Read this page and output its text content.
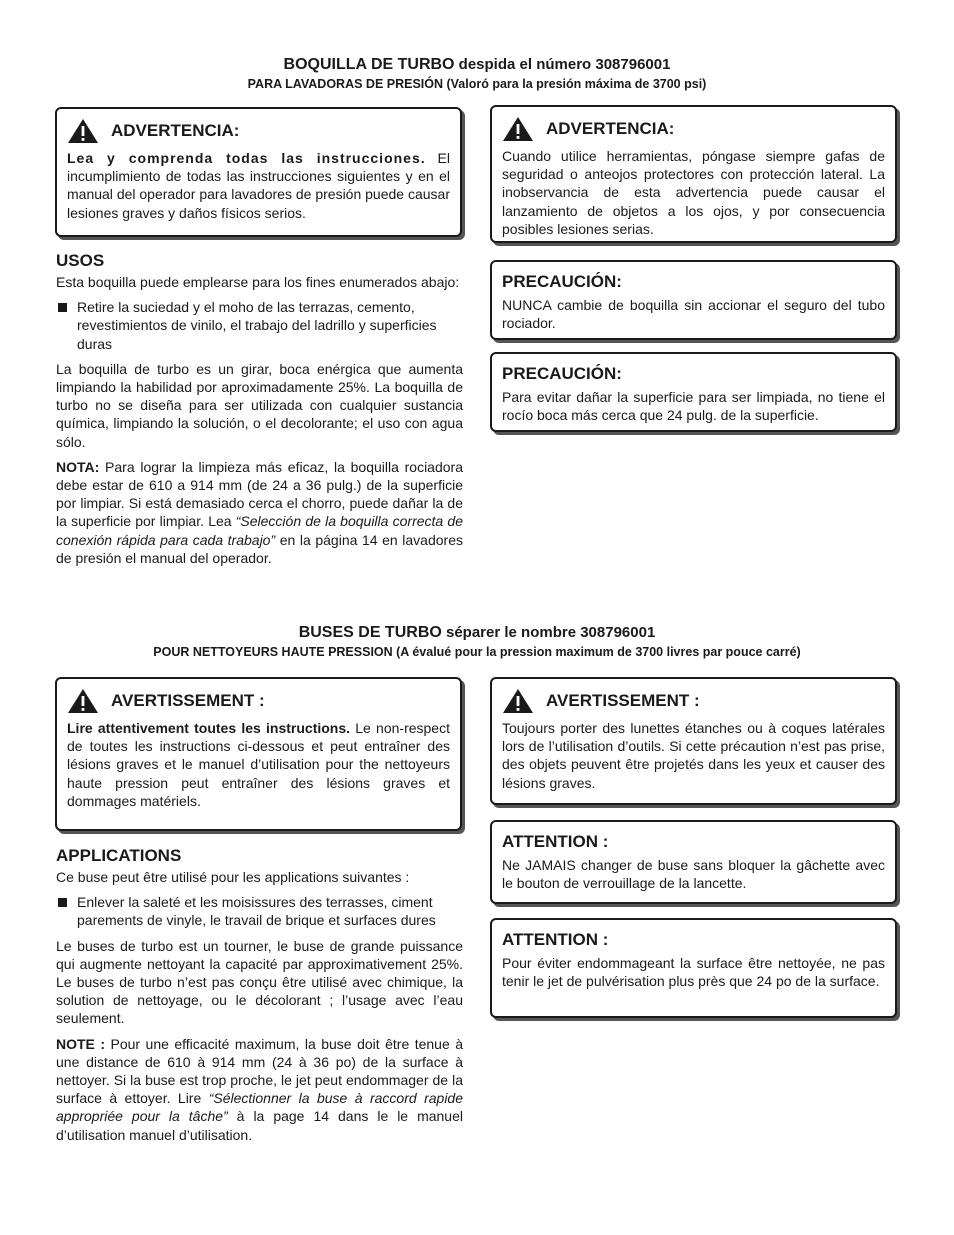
BOQUILLA DE TURBO despida el número 308796001
PARA LAVADORAS DE PRESIÓN (Valoró para la presión máxima de 3700 psi)
ADVERTENCIA:

Lea y comprenda todas las instrucciones. El incumplimiento de todas las instrucciones siguientes y en el manual del operador para lavadores de presión puede causar lesiones graves y daños físicos serios.

USOS

Esta boquilla puede emplearse para los fines enumerados abajo:

Retire la suciedad y el moho de las terrazas, cemento, revestimientos de vinilo, el trabajo del ladrillo y superficies duras

La boquilla de turbo es un girar, boca enérgica que aumenta limpiando la habilidad por aproximadamente 25%. La boquilla de turbo no se diseña para ser utilizada con cualquier sustancia química, limpiando la solución, o el decolorante; el uso con agua sólo.

NOTA: Para lograr la limpieza más eficaz, la boquilla rociadora debe estar de 610 a 914 mm (de 24 a 36 pulg.) de la superficie por limpiar. Si está demasiado cerca el chorro, puede dañar la de la superficie por limpiar. Lea “Selección de la boquilla correcta de conexión rápida para cada trabajo” en la página 14 en lavadores de presión el manual del operador.

ADVERTENCIA:

Cuando utilice herramientas, póngase siempre gafas de seguridad o anteojos protectores con protección lateral. La inobservancia de esta advertencia puede causar el lanzamiento de objetos a los ojos, y por consecuencia posibles lesiones serias.

PRECAUCIÓN:

NUNCA cambie de boquilla sin accionar el seguro del tubo rociador.

PRECAUCIÓN:

Para evitar dañar la superficie para ser limpiada, no tiene el rocío boca más cerca que 24 pulg. de la superficie.

BUSES DE TURBO séparer le nombre 308796001
POUR NETTOYEURS HAUTE PRESSION (A évalué pour la pression maximum de 3700 livres par pouce carré)
AVERTISSEMENT :

Lire attentivement toutes les instructions. Le non-respect de toutes les instructions ci-dessous et peut entraîner des lésions graves et le manuel d’utilisation pour the nettoyeurs haute pression peut entraîner des lésions graves et dommages matériels.

APPLICATIONS

Ce buse peut être utilisé pour les applications suivantes :

Enlever la saleté et les moisissures des terrasses, ciment parements de vinyle, le travail de brique et surfaces dures

Le buses de turbo est un tourner, le buse de grande puissance qui augmente nettoyant la capacité par approximativement 25%. Le buses de turbo n’est pas conçu être utilisé avec chimique, la solution de nettoyage, ou le décolorant ; l’usage avec l’eau seulement.

NOTE : Pour une efficacité maximum, la buse doit être tenue à une distance de 610 à 914 mm (24 à 36 po) de la surface à nettoyer. Si la buse est trop proche, le jet peut endommager de la surface à ettoyer. Lire “Sélectionner la buse à raccord rapide appropriée pour la tâche” à la page 14 dans le le manuel d’utilisation manuel d’utilisation.

AVERTISSEMENT :

Toujours porter des lunettes étanches ou à coques latérales lors de l’utilisation d’outils. Si cette précaution n’est pas prise, des objets peuvent être projetés dans les yeux et causer des lésions graves.

ATTENTION :

Ne JAMAIS changer de buse sans bloquer la gâchette avec le bouton de verrouillage de la lancette.

ATTENTION :

Pour éviter endommageant la surface être nettoyée, ne pas tenir le jet de pulvérisation plus près que 24 po de la surface.
